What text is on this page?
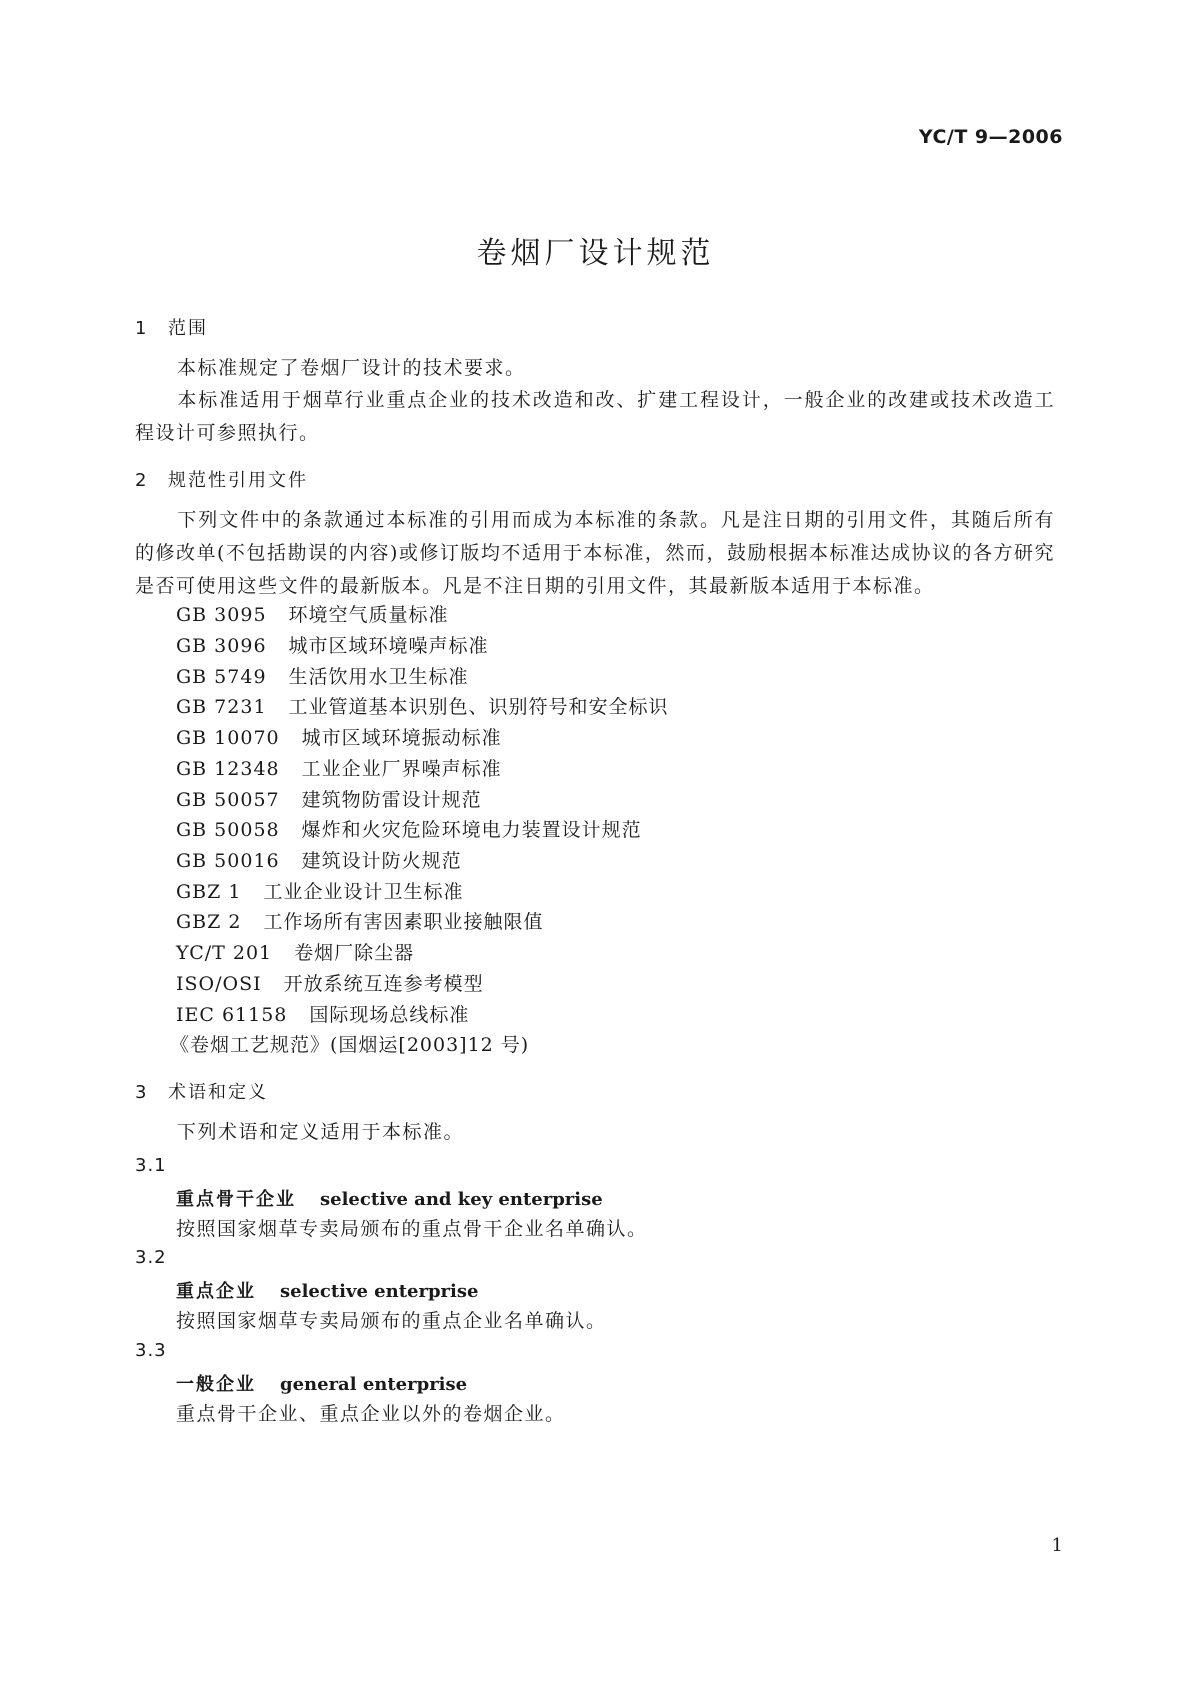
YC/T 9—2006
卷烟厂设计规范
1 范围
本标准规定了卷烟厂设计的技术要求。
本标准适用于烟草行业重点企业的技术改造和改、扩建工程设计，一般企业的改建或技术改造工程设计可参照执行。
2 规范性引用文件
下列文件中的条款通过本标准的引用而成为本标准的条款。凡是注日期的引用文件，其随后所有的修改单(不包括勘误的内容)或修订版均不适用于本标准，然而，鼓励根据本标准达成协议的各方研究是否可使用这些文件的最新版本。凡是不注日期的引用文件，其最新版本适用于本标准。
GB 3095 环境空气质量标准
GB 3096 城市区域环境噪声标准
GB 5749 生活饮用水卫生标准
GB 7231 工业管道基本识别色、识别符号和安全标识
GB 10070 城市区域环境振动标准
GB 12348 工业企业厂界噪声标准
GB 50057 建筑物防雷设计规范
GB 50058 爆炸和火灾危险环境电力装置设计规范
GB 50016 建筑设计防火规范
GBZ 1 工业企业设计卫生标准
GBZ 2 工作场所有害因素职业接触限值
YC/T 201 卷烟厂除尘器
ISO/OSI 开放系统互连参考模型
IEC 61158 国际现场总线标准
《卷烟工艺规范》(国烟运[2003]12 号)
3 术语和定义
下列术语和定义适用于本标准。
3.1
重点骨干企业 selective and key enterprise
按照国家烟草专卖局颁布的重点骨干企业名单确认。
3.2
重点企业 selective enterprise
按照国家烟草专卖局颁布的重点企业名单确认。
3.3
一般企业 general enterprise
重点骨干企业、重点企业以外的卷烟企业。
1
